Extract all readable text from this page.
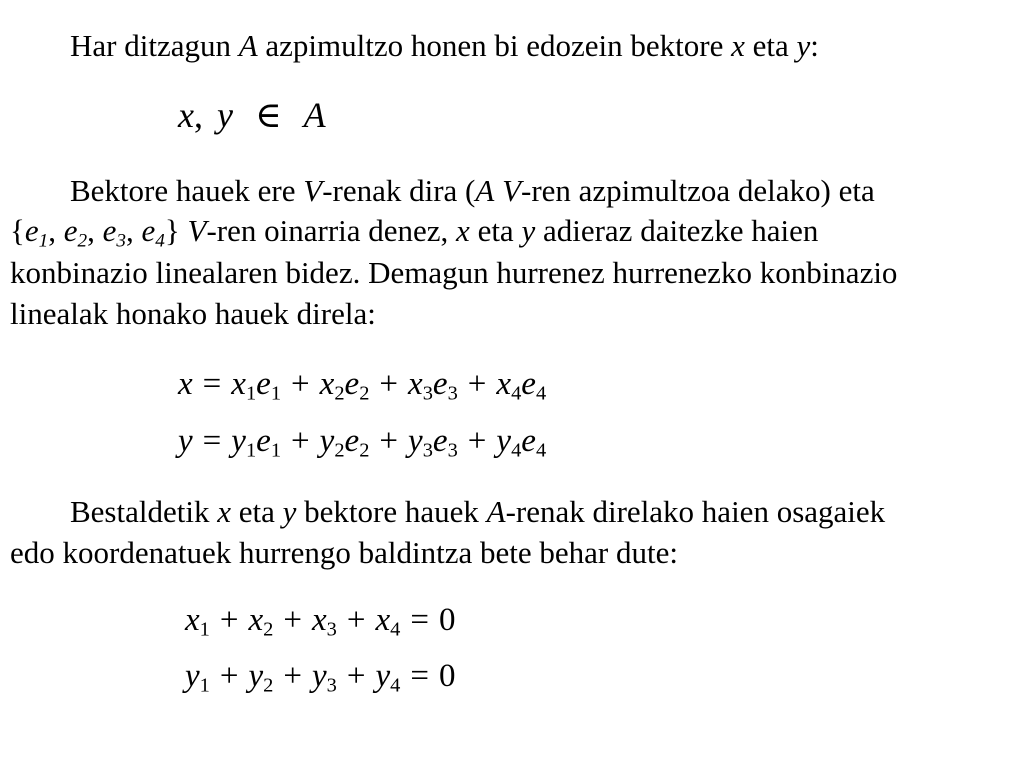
Har ditzagun A azpimultzo honen bi edozein bektore x eta y:
x, y ∈ A
Bektore hauek ere V-renak dira (A V-ren azpimultzoa delako) eta
{$e_1$, $e_2$, $e_3$, $e_4$} V-ren oinarria denez, x eta y adieraz daitezke haien
konbinazio linealaren bidez. Demagun hurrenez hurrenezko konbinazio
linealak honako hauek direla:
$x = x_1e_1 + x_2e_2 + x_3e_3 + x_4e_4$
$y = y_1e_1 + y_2e_2 + y_3e_3 + y_4e_4$
Bestaldetik x eta y bektore hauek A-renak direlako haien osagaiek
edo koordenatuek hurrengo baldintza bete behar dute:
$x_1 + x_2 + x_3 + x_4 = 0$
$y_1 + y_2 + y_3 + y_4 = 0$
